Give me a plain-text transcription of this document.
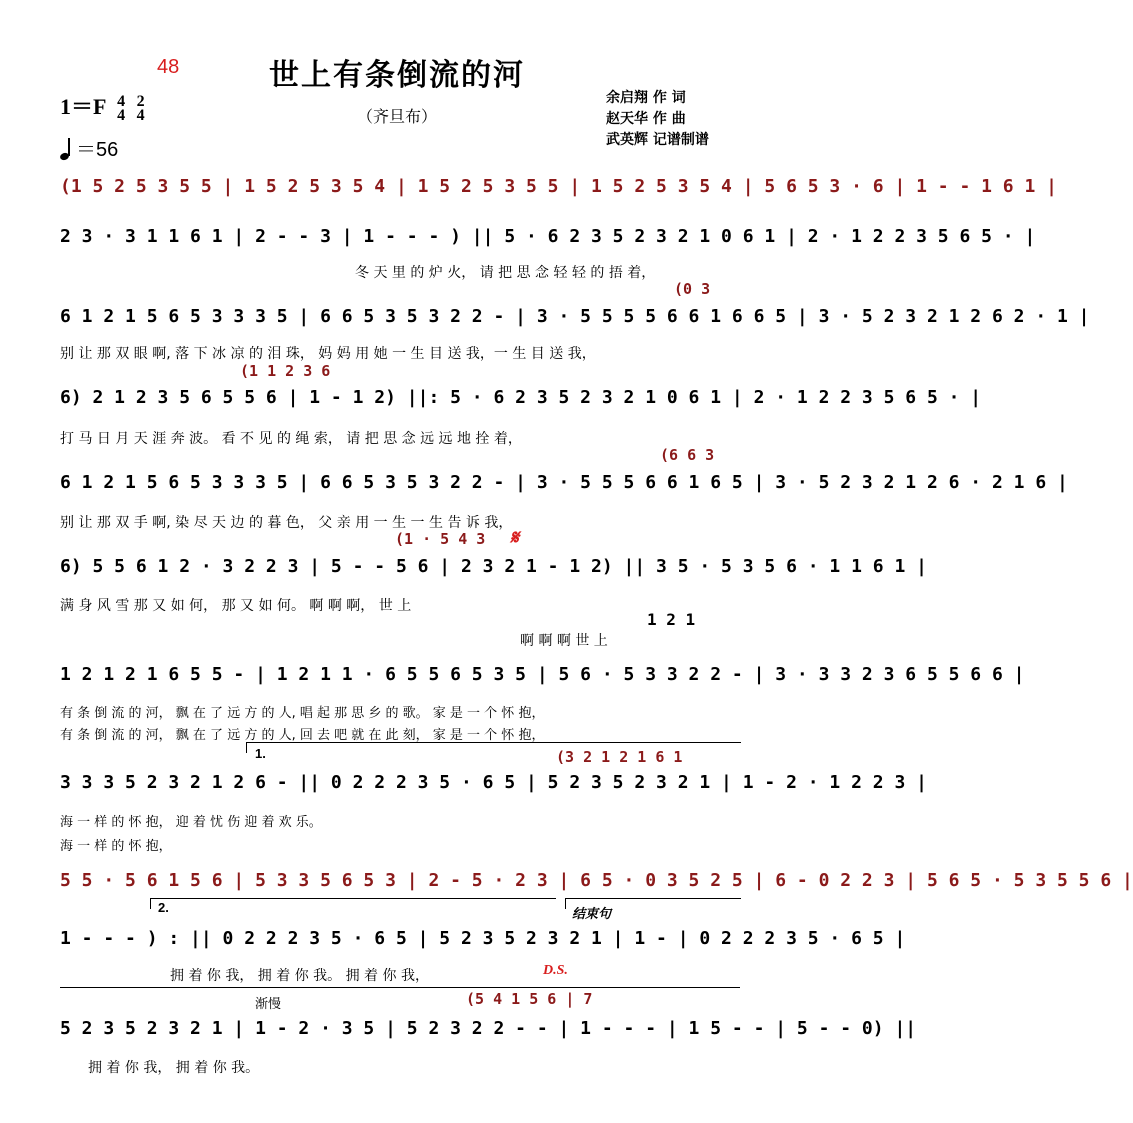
48	世上有条倒流的河
（齐旦布）
余启翔 作 词
赵天华 作 曲
武英辉 记谱制谱
1＝F 4
4

2
4
＝56
(1 5 2 5 3 5 5 | 1 5 2 5 3 5 4 | 1 5 2 5 3 5 5 | 1 5 2 5 3 5 4 | 5 6 5 3 · 6 | 1 - - 1 6 1 |
2 3 · 3 1 1 6 1 | 2 - - 3 | 1 - - - ) || 5 · 6 2 3 5 2 3 2 1 0 6 1 | 2 · 1 2 2 3 5 6 5 · |
冬 天 里 的 炉 火， 请 把 思 念 轻 轻 的 捂 着，
(0 3
6 1 2 1 5 6 5 3 3 3 5 | 6 6 5 3 5 3 2 2 - | 3 · 5 5 5 5 6 6 1 6 6 5 | 3 · 5 2 3 2 1 2 6 2 · 1 |
别 让 那 双 眼 啊, 落 下 冰 凉 的 泪 珠， 妈 妈 用 她 一 生 目 送 我，一 生 目 送 我，
(1 1 2 3 6
6) 2 1 2 3 5 6 5 5 6 | 1 - 1 2) ||: 5 · 6 2 3 5 2 3 2 1 0 6 1 | 2 · 1 2 2 3 5 6 5 · |
打 马 日 月 天 涯 奔 波。 看 不 见 的 绳 索， 请 把 思 念 远 远 地 拴 着，
(6 6 3
6 1 2 1 5 6 5 3 3 3 5 | 6 6 5 3 5 3 2 2 - | 3 · 5 5 5 6 6 1 6 5 | 3 · 5 2 3 2 1 2 6 · 2 1 6 |
别 让 那 双 手 啊, 染 尽 天 边 的 暮 色， 父 亲 用 一 生 一 生 告 诉 我，
(1 · 5 4 3	𝄋
6) 5 5 6 1 2 · 3 2 2 3 | 5 - - 5 6 | 2 3 2 1 - 1 2) || 3 5 · 5 3 5 6 · 1 1 6 1 |
满 身 风 雪 那 又 如 何， 那 又 如 何。 啊 啊 啊， 世 上
1 2 1
啊 啊 啊 世 上
1 2 1 2 1 6 5 5 - | 1 2 1 1 · 6 5 5 6 5 3 5 | 5 6 · 5 3 3 2 2 - | 3 · 3 3 2 3 6 5 5 6 6 |
有 条 倒 流 的 河， 飘 在 了 远 方 的 人, 唱 起 那 思 乡 的 歌。 家 是 一 个 怀 抱，
有 条 倒 流 的 河， 飘 在 了 远 方 的 人, 回 去 吧 就 在 此 刻， 家 是 一 个 怀 抱，
1.	(3 2 1 2 1 6 1
3 3 3 5 2 3 2 1 2 6 - || 0 2 2 2 3 5 · 6 5 | 5 2 3 5 2 3 2 1 | 1 - 2 · 1 2 2 3 |
海 一 样 的 怀 抱， 迎 着 忧 伤 迎 着 欢 乐。
海 一 样 的 怀 抱，
5 5 · 5 6 1 5 6 | 5 3 3 5 6 5 3 | 2 - 5 · 2 3 | 6 5 · 0 3 5 2 5 | 6 - 0 2 2 3 | 5 6 5 · 5 3 5 5 6 |
2.	结束句
1 - - - ) : || 0 2 2 2 3 5 · 6 5 | 5 2 3 5 2 3 2 1 | 1 - | 0 2 2 2 3 5 · 6 5 |
拥 着 你 我， 拥 着 你 我。 拥 着 你 我，	D.S.
渐慢	(5 4 1 5 6 | 7
5 2 3 5 2 3 2 1 | 1 - 2 · 3 5 | 5 2 3 2 2 - - | 1 - - - | 1 5 - - | 5 - - 0) ||
拥 着 你 我， 拥 着 你 我。
